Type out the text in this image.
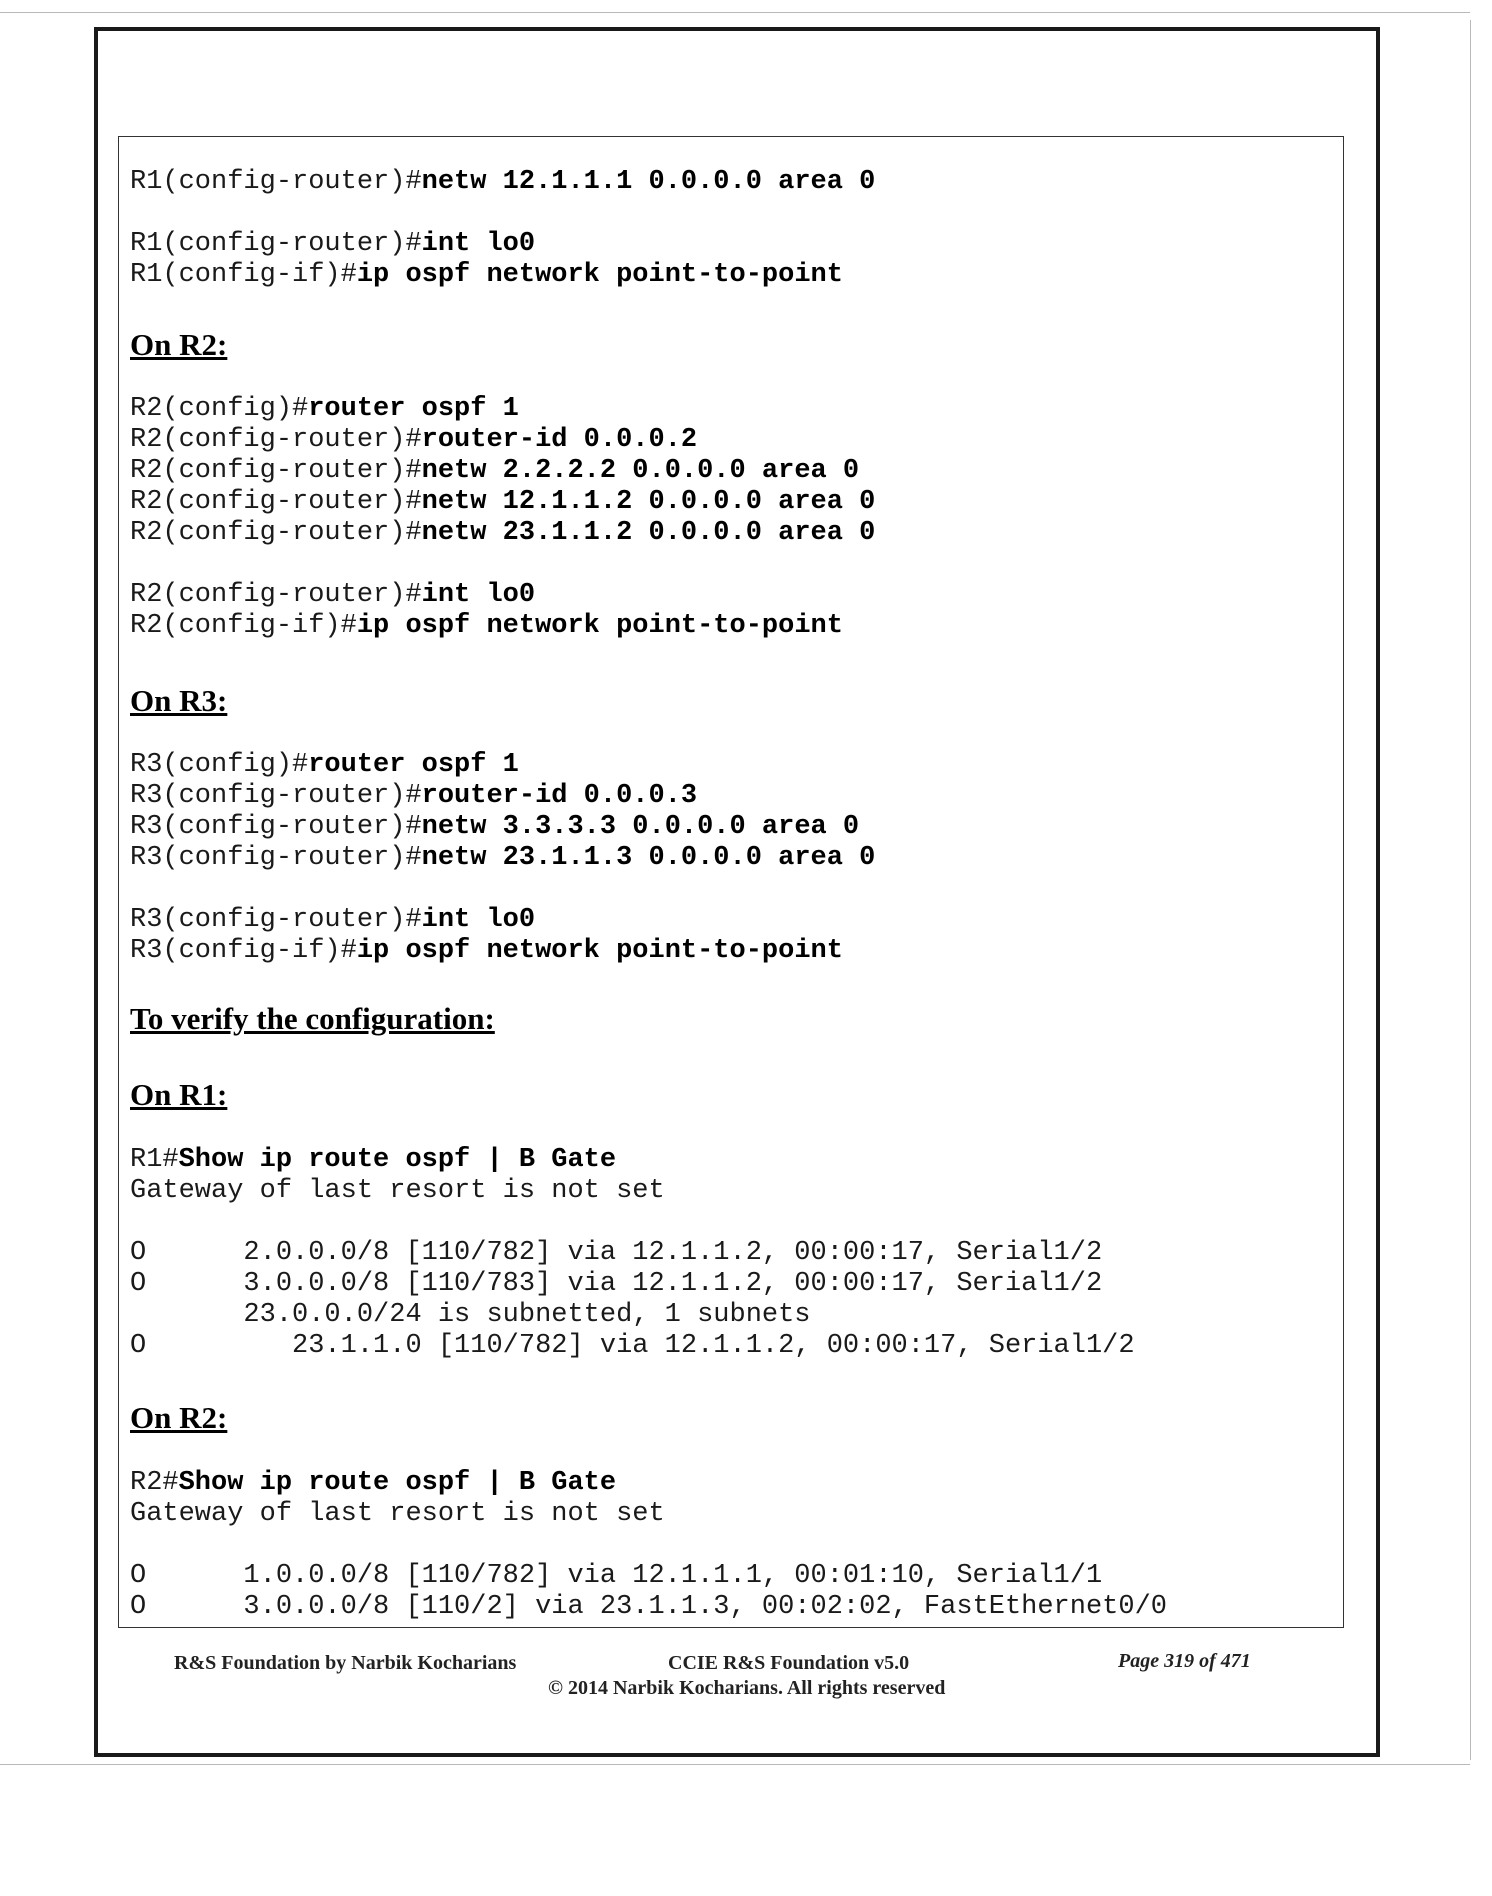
R1(config-router)#netw 12.1.1.1 0.0.0.0 area 0
R1(config-router)#int lo0
R1(config-if)#ip ospf network point-to-point
On R2:
R2(config)#router ospf 1
R2(config-router)#router-id 0.0.0.2
R2(config-router)#netw 2.2.2.2 0.0.0.0 area 0
R2(config-router)#netw 12.1.1.2 0.0.0.0 area 0
R2(config-router)#netw 23.1.1.2 0.0.0.0 area 0
R2(config-router)#int lo0
R2(config-if)#ip ospf network point-to-point
On R3:
R3(config)#router ospf 1
R3(config-router)#router-id 0.0.0.3
R3(config-router)#netw 3.3.3.3 0.0.0.0 area 0
R3(config-router)#netw 23.1.1.3 0.0.0.0 area 0
R3(config-router)#int lo0
R3(config-if)#ip ospf network point-to-point
To verify the configuration:
On R1:
R1#Show ip route ospf | B Gate
Gateway of last resort is not set
O      2.0.0.0/8 [110/782] via 12.1.1.2, 00:00:17, Serial1/2
O      3.0.0.0/8 [110/783] via 12.1.1.2, 00:00:17, Serial1/2
23.0.0.0/24 is subnetted, 1 subnets
O         23.1.1.0 [110/782] via 12.1.1.2, 00:00:17, Serial1/2
On R2:
R2#Show ip route ospf | B Gate
Gateway of last resort is not set
O      1.0.0.0/8 [110/782] via 12.1.1.1, 00:01:10, Serial1/1
O      3.0.0.0/8 [110/2] via 23.1.1.3, 00:02:02, FastEthernet0/0
R&S Foundation by Narbik Kocharians	CCIE R&S Foundation v5.0	Page 319 of 471
© 2014 Narbik Kocharians. All rights reserved
